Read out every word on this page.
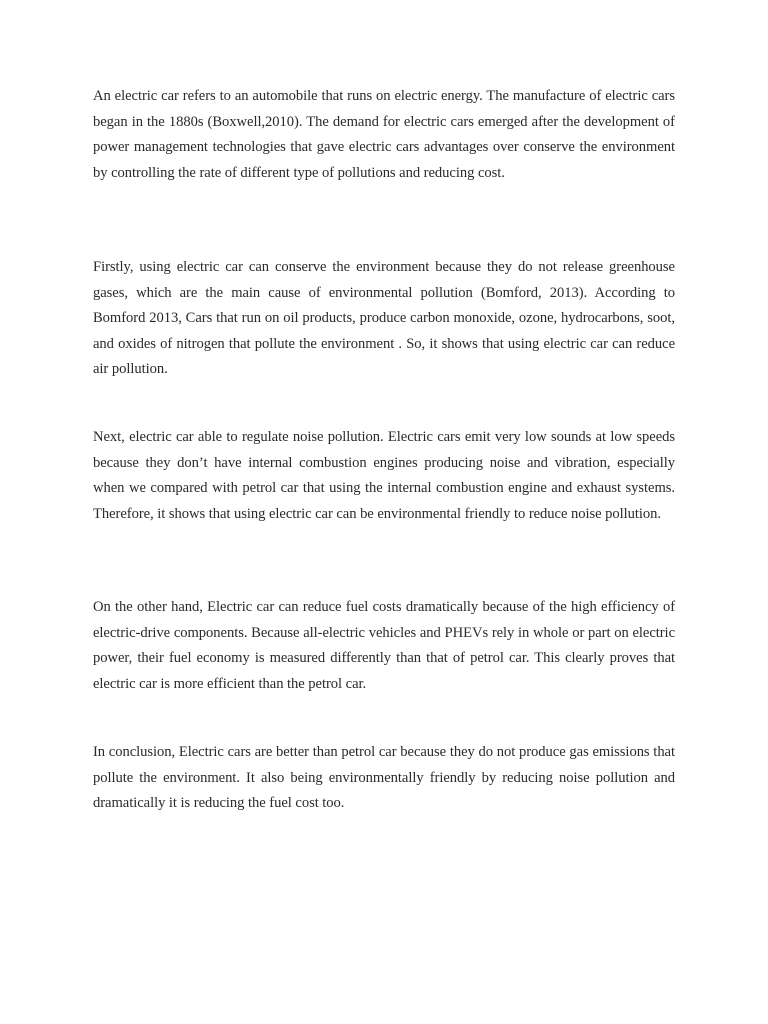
An electric car refers to an automobile that runs on electric energy. The manufacture of electric cars began in the 1880s (Boxwell,2010). The demand for electric cars emerged after the development of power management technologies that gave electric cars advantages over conserve the environment by controlling the rate of different type of pollutions and reducing cost.

Firstly, using electric car can conserve the environment because they do not release greenhouse gases, which are the main cause of environmental pollution (Bomford, 2013). According to Bomford 2013, Cars that run on oil products, produce carbon monoxide, ozone, hydrocarbons, soot, and oxides of nitrogen that pollute the environment . So, it shows that using electric car can reduce air pollution.

Next, electric car able to regulate noise pollution. Electric cars emit very low sounds at low speeds because they don’t have internal combustion engines producing noise and vibration, especially when we compared with petrol car that using the internal combustion engine and exhaust systems. Therefore, it shows that using electric car can be environmental friendly to reduce noise pollution.

On the other hand, Electric car can reduce fuel costs dramatically because of the high efficiency of electric-drive components. Because all-electric vehicles and PHEVs rely in whole or part on electric power, their fuel economy is measured differently than that of petrol car. This clearly proves that electric car is more efficient than the petrol car.

In conclusion, Electric cars are better than petrol car because they do not produce gas emissions that pollute the environment. It also being environmentally friendly by reducing noise pollution and dramatically it is reducing the fuel cost too.
